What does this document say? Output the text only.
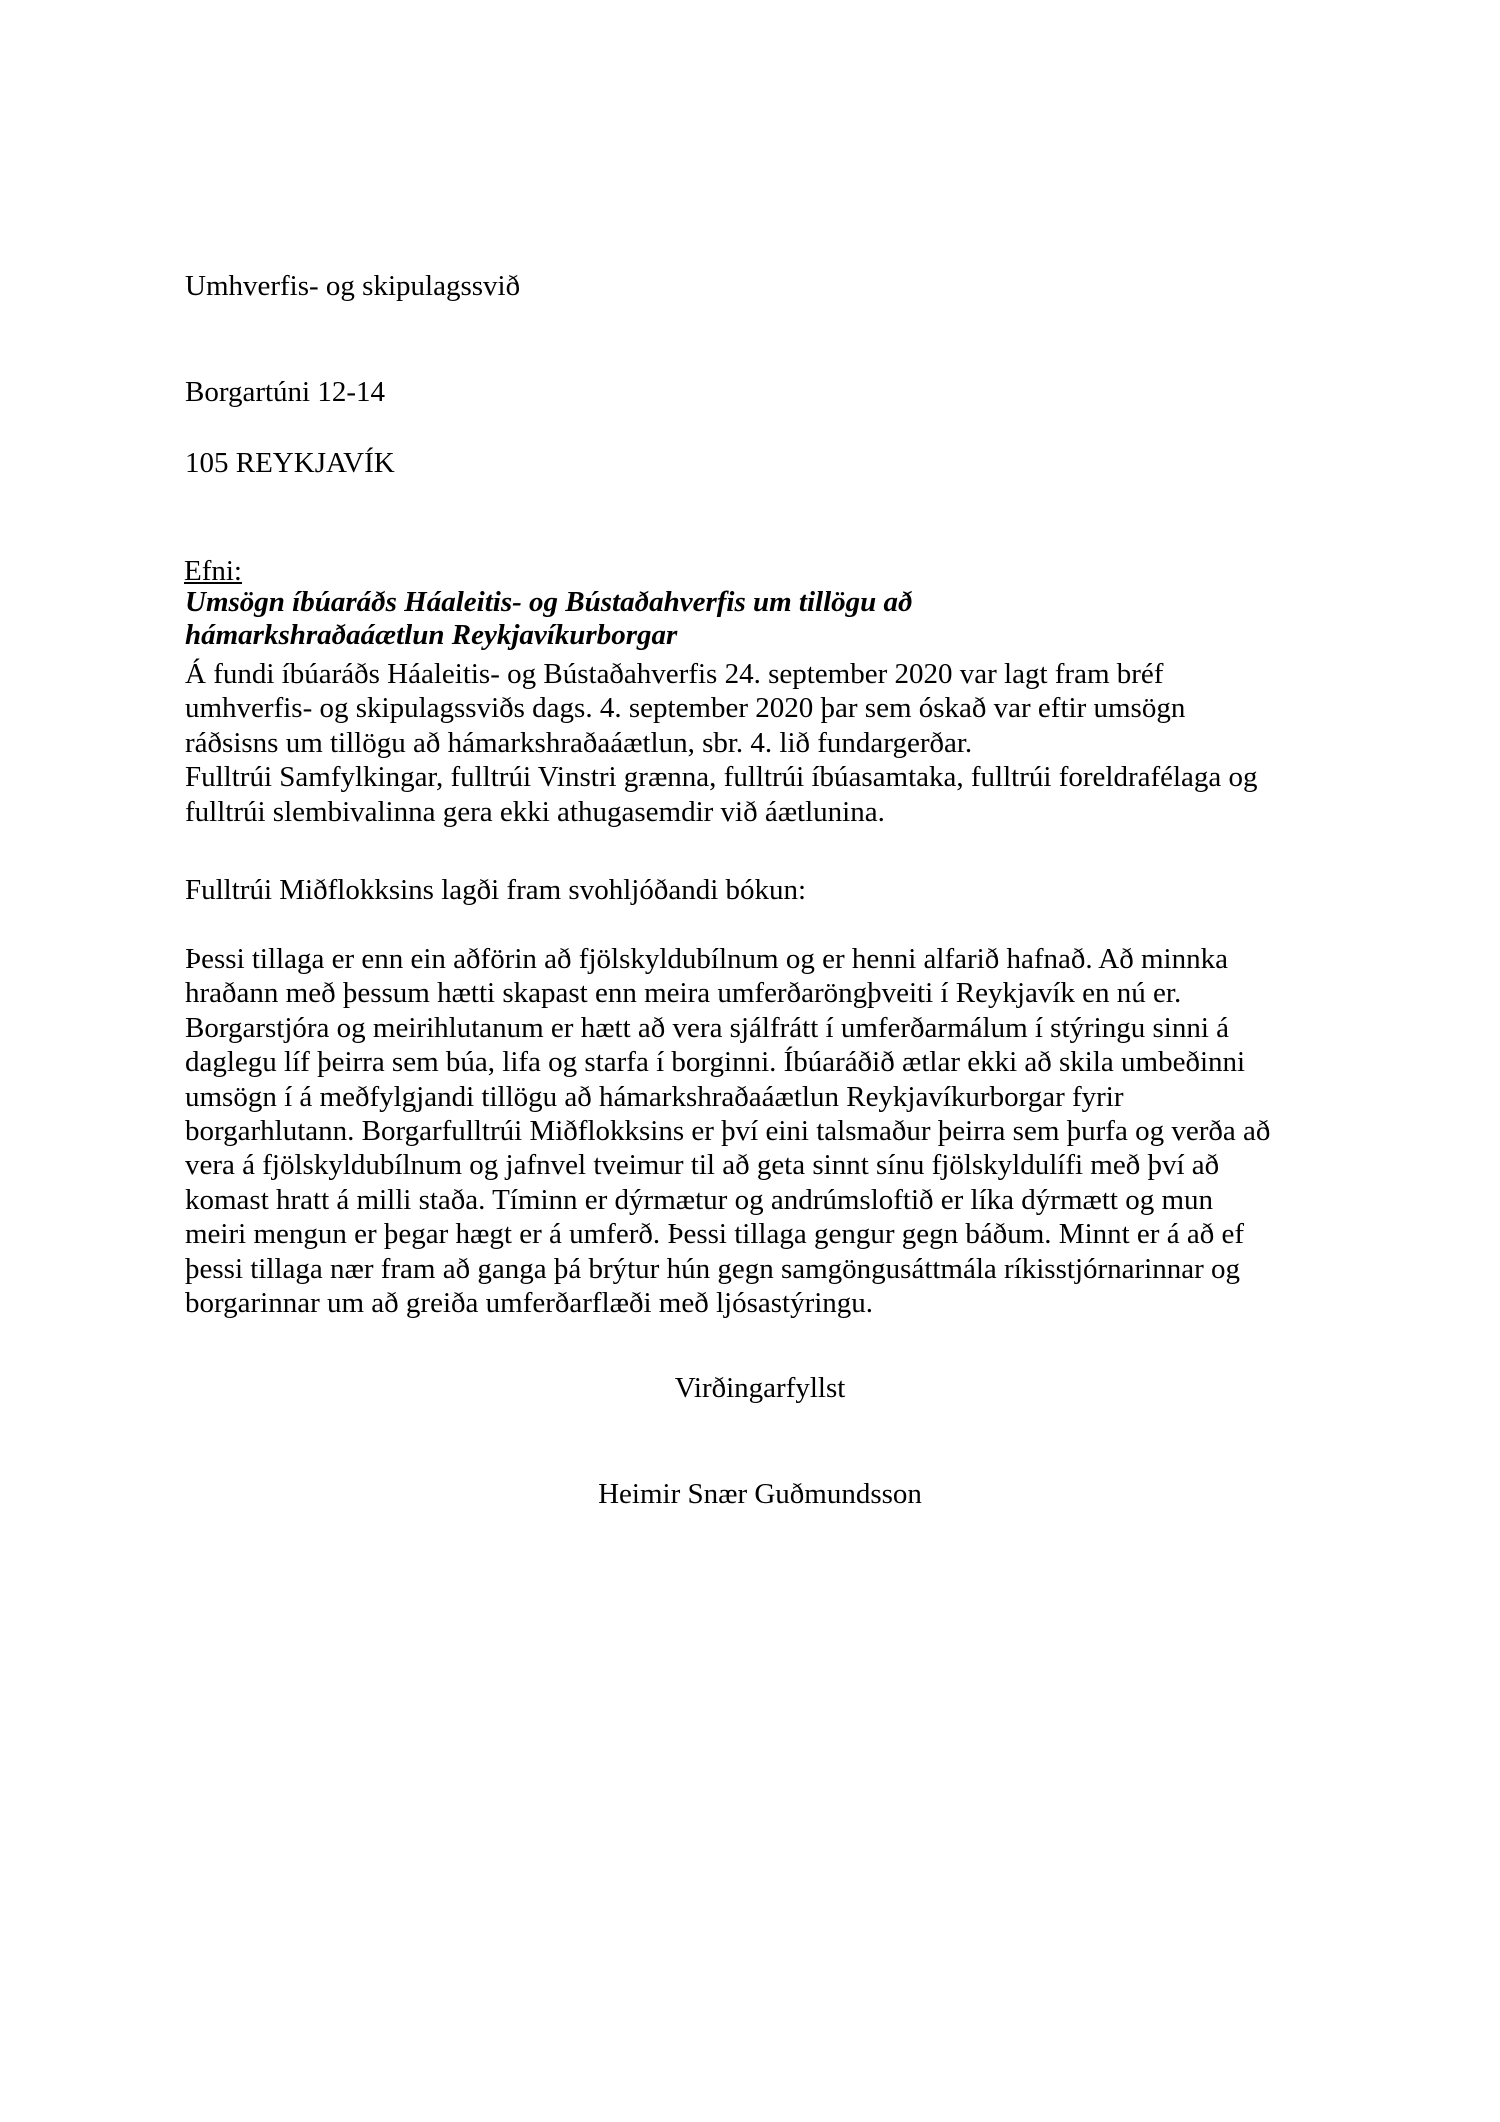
Umhverfis- og skipulagssvið
Borgartúni 12-14
105 REYKJAVÍK
Efni:
Umsögn íbúaráðs Háaleitis- og Bústaðahverfis um tillögu að
hámarkshraðaáætlun Reykjavíkurborgar
Á fundi íbúaráðs Háaleitis- og Bústaðahverfis 24. september 2020 var lagt fram bréf
umhverfis- og skipulagssviðs dags. 4. september 2020 þar sem óskað var eftir umsögn
ráðsisns um tillögu að hámarkshraðaáætlun, sbr. 4. lið fundargerðar.
Fulltrúi Samfylkingar, fulltrúi Vinstri grænna, fulltrúi íbúasamtaka, fulltrúi foreldrafélaga og
fulltrúi slembivalinna gera ekki athugasemdir við áætlunina.
Fulltrúi Miðflokksins lagði fram svohljóðandi bókun:
Þessi tillaga er enn ein aðförin að fjölskyldubílnum og er henni alfarið hafnað. Að minnka
hraðann með þessum hætti skapast enn meira umferðaröngþveiti í Reykjavík en nú er.
Borgarstjóra og meirihlutanum er hætt að vera sjálfrátt í umferðarmálum í stýringu sinni á
daglegu líf þeirra sem búa, lifa og starfa í borginni. Íbúaráðið ætlar ekki að skila umbeðinni
umsögn í á meðfylgjandi tillögu að hámarkshraðaáætlun Reykjavíkurborgar fyrir
borgarhlutann. Borgarfulltrúi Miðflokksins er því eini talsmaður þeirra sem þurfa og verða að
vera á fjölskyldubílnum og jafnvel tveimur til að geta sinnt sínu fjölskyldulífi með því að
komast hratt á milli staða. Tíminn er dýrmætur og andrúmsloftið er líka dýrmætt og mun
meiri mengun er þegar hægt er á umferð. Þessi tillaga gengur gegn báðum. Minnt er á að ef
þessi tillaga nær fram að ganga þá brýtur hún gegn samgöngusáttmála ríkisstjórnarinnar og
borgarinnar um að greiða umferðarflæði með ljósastýringu.
Virðingarfyllst
Heimir Snær Guðmundsson
